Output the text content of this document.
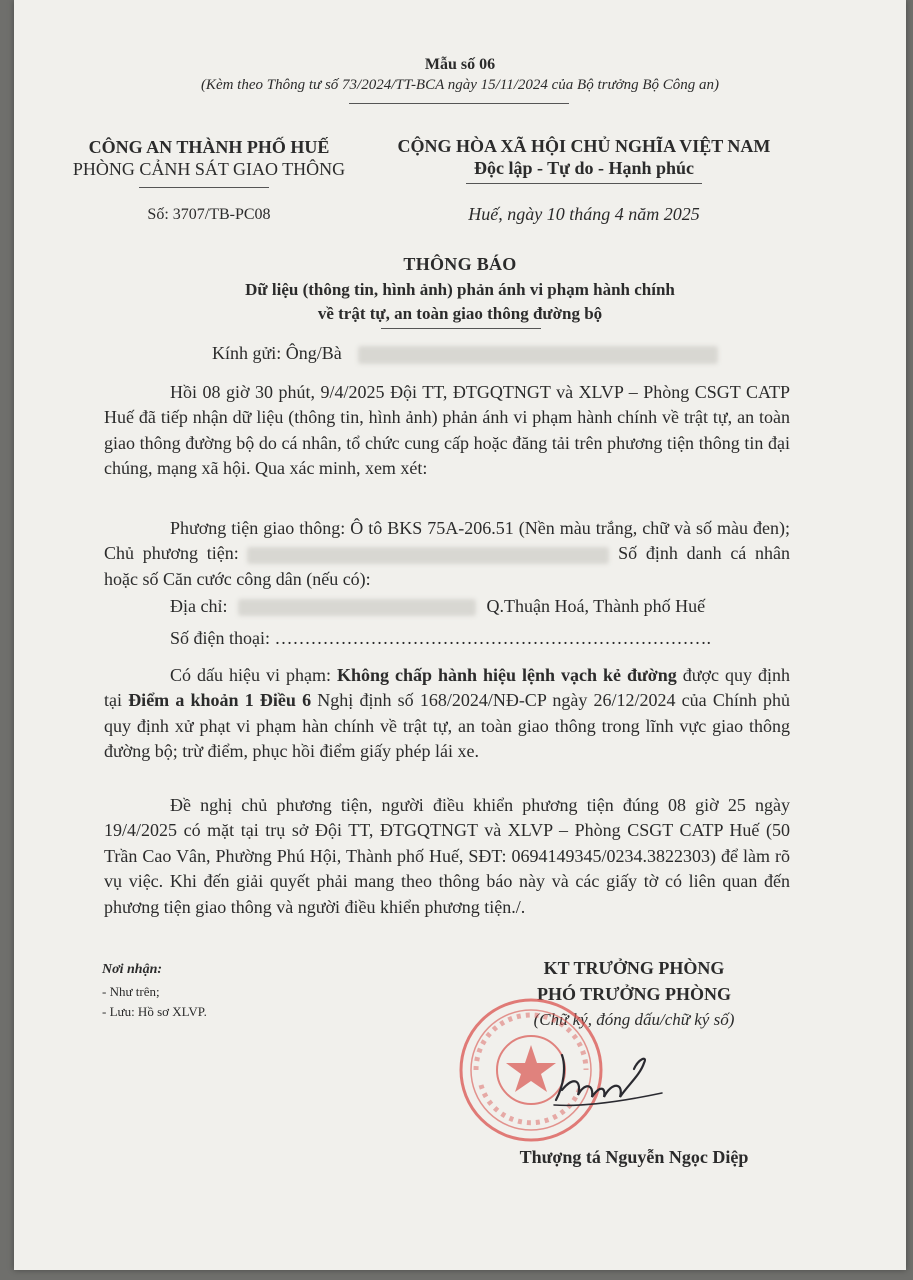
Mẫu số 06
(Kèm theo Thông tư số 73/2024/TT-BCA ngày 15/11/2024 của Bộ trưởng Bộ Công an)
CÔNG AN THÀNH PHỐ HUẾ
PHÒNG CẢNH SÁT GIAO THÔNG
CỘNG HÒA XÃ HỘI CHỦ NGHĨA VIỆT NAM
Độc lập - Tự do - Hạnh phúc
Số: 3707/TB-PC08	Huế, ngày 10 tháng 4 năm 2025
THÔNG BÁO
Dữ liệu (thông tin, hình ảnh) phản ánh vi phạm hành chính
về trật tự, an toàn giao thông đường bộ
Kính gửi: Ông/Bà
Hồi 08 giờ 30 phút, 9/4/2025 Đội TT, ĐTGQTNGT và XLVP – Phòng CSGT CATP Huế đã tiếp nhận dữ liệu (thông tin, hình ảnh) phản ánh vi phạm hành chính về trật tự, an toàn giao thông đường bộ do cá nhân, tổ chức cung cấp hoặc đăng tải trên phương tiện thông tin đại chúng, mạng xã hội. Qua xác minh, xem xét:
Phương tiện giao thông: Ô tô BKS 75A-206.51 (Nền màu trắng, chữ và số màu đen); Chủ phương tiện:	Số định danh cá nhân hoặc số Căn cước công dân (nếu có):
Địa chỉ:	Q.Thuận Hoá, Thành phố Huế
Số điện thoại: ……………………………………………………………….
Có dấu hiệu vi phạm: Không chấp hành hiệu lệnh vạch kẻ đường được quy định tại Điểm a khoản 1 Điều 6 Nghị định số 168/2024/NĐ-CP ngày 26/12/2024 của Chính phủ quy định xử phạt vi phạm hàn chính về trật tự, an toàn giao thông trong lĩnh vực giao thông đường bộ; trừ điểm, phục hồi điểm giấy phép lái xe.
Đề nghị chủ phương tiện, người điều khiển phương tiện đúng 08 giờ 25 ngày 19/4/2025 có mặt tại trụ sở Đội TT, ĐTGQTNGT và XLVP – Phòng CSGT CATP Huế (50 Trần Cao Vân, Phường Phú Hội, Thành phố Huế, SĐT: 0694149345/0234.3822303) để làm rõ vụ việc. Khi đến giải quyết phải mang theo thông báo này và các giấy tờ có liên quan đến phương tiện giao thông và người điều khiển phương tiện./.
Nơi nhận:
- Như trên;
- Lưu: Hồ sơ XLVP.
KT TRƯỞNG PHÒNG
PHÓ TRƯỞNG PHÒNG
(Chữ ký, đóng dấu/chữ ký số)
Thượng tá Nguyễn Ngọc Diệp
